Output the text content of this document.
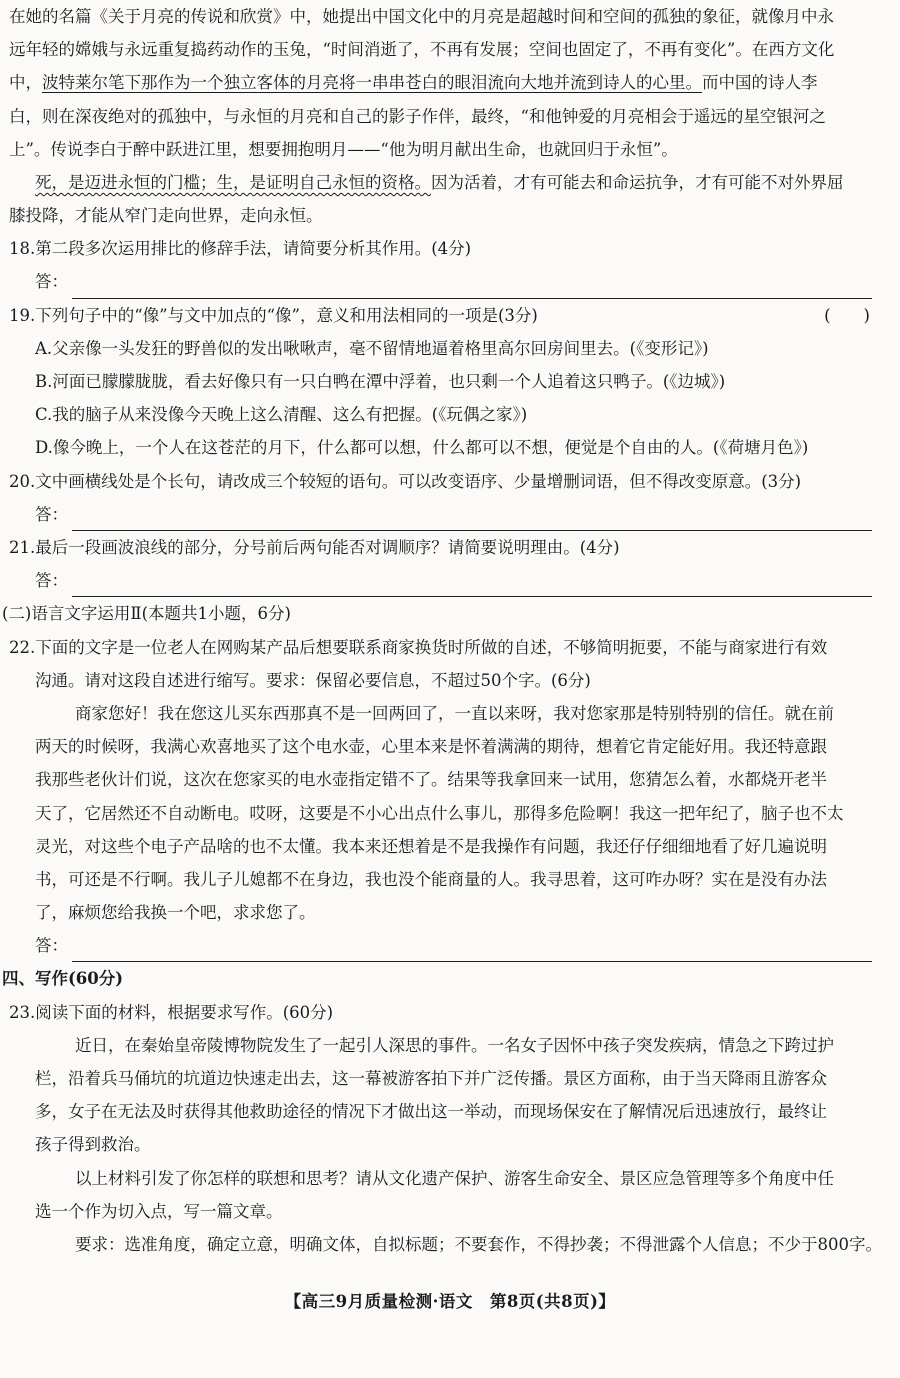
在她的名篇《关于月亮的传说和欣赏》中，她提出中国文化中的月亮是超越时间和空间的孤独的象征，就像月中永
远年轻的嫦娥与永远重复捣药动作的玉兔，“时间消逝了，不再有发展；空间也固定了，不再有变化”。在西方文化
中，波特莱尔笔下那作为一个独立客体的月亮将一串串苍白的眼泪流向大地并流到诗人的心里。而中国的诗人李
白，则在深夜绝对的孤独中，与永恒的月亮和自己的影子作伴，最终，“和他钟爱的月亮相会于遥远的星空银河之
上”。传说李白于醉中跃进江里，想要拥抱明月——“他为明月献出生命，也就回归于永恒”。
死，是迈进永恒的门槛；生，是证明自己永恒的资格。因为活着，才有可能去和命运抗争，才有可能不对外界屈
膝投降，才能从窄门走向世界，走向永恒。
18.第二段多次运用排比的修辞手法，请简要分析其作用。(4分)
答：
19.下列句子中的“像”与文中加点的“像”，意义和用法相同的一项是(3分)	(　　)
A.父亲像一头发狂的野兽似的发出啾啾声，毫不留情地逼着格里高尔回房间里去。(《变形记》)
B.河面已朦朦胧胧，看去好像只有一只白鸭在潭中浮着，也只剩一个人追着这只鸭子。(《边城》)
C.我的脑子从来没像今天晚上这么清醒、这么有把握。(《玩偶之家》)
D.像今晚上，一个人在这苍茫的月下，什么都可以想，什么都可以不想，便觉是个自由的人。(《荷塘月色》)
20.文中画横线处是个长句，请改成三个较短的语句。可以改变语序、少量增删词语，但不得改变原意。(3分)
答：
21.最后一段画波浪线的部分，分号前后两句能否对调顺序？请简要说明理由。(4分)
答：
(二)语言文字运用Ⅱ(本题共1小题，6分)
22.下面的文字是一位老人在网购某产品后想要联系商家换货时所做的自述，不够简明扼要，不能与商家进行有效
沟通。请对这段自述进行缩写。要求：保留必要信息，不超过50个字。(6分)
商家您好！我在您这儿买东西那真不是一回两回了，一直以来呀，我对您家那是特别特别的信任。就在前
两天的时候呀，我满心欢喜地买了这个电水壶，心里本来是怀着满满的期待，想着它肯定能好用。我还特意跟
我那些老伙计们说，这次在您家买的电水壶指定错不了。结果等我拿回来一试用，您猜怎么着，水都烧开老半
天了，它居然还不自动断电。哎呀，这要是不小心出点什么事儿，那得多危险啊！我这一把年纪了，脑子也不太
灵光，对这些个电子产品啥的也不太懂。我本来还想着是不是我操作有问题，我还仔仔细细地看了好几遍说明
书，可还是不行啊。我儿子儿媳都不在身边，我也没个能商量的人。我寻思着，这可咋办呀？实在是没有办法
了，麻烦您给我换一个吧，求求您了。
答：
四、写作(60分)
23.阅读下面的材料，根据要求写作。(60分)
近日，在秦始皇帝陵博物院发生了一起引人深思的事件。一名女子因怀中孩子突发疾病，情急之下跨过护
栏，沿着兵马俑坑的坑道边快速走出去，这一幕被游客拍下并广泛传播。景区方面称，由于当天降雨且游客众
多，女子在无法及时获得其他救助途径的情况下才做出这一举动，而现场保安在了解情况后迅速放行，最终让
孩子得到救治。
以上材料引发了你怎样的联想和思考？请从文化遗产保护、游客生命安全、景区应急管理等多个角度中任
选一个作为切入点，写一篇文章。
要求：选准角度，确定立意，明确文体，自拟标题；不要套作，不得抄袭；不得泄露个人信息；不少于800字。
【高三9月质量检测·语文　第8页(共8页)】
